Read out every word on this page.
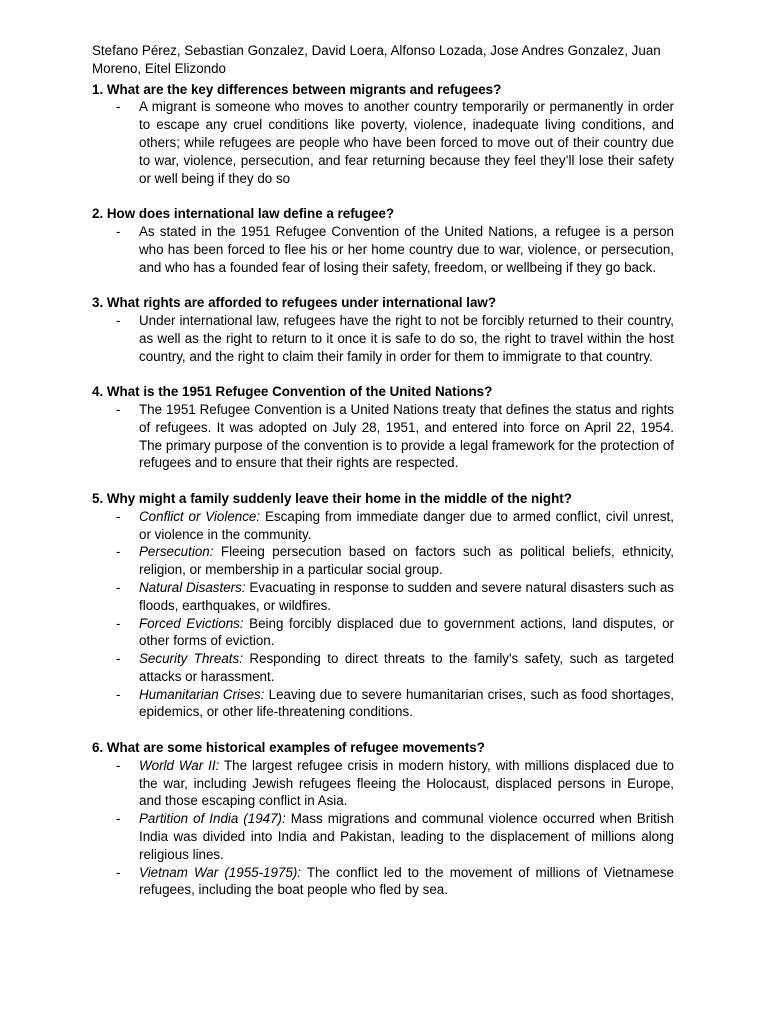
Stefano Pérez, Sebastian Gonzalez, David Loera, Alfonso Lozada, Jose Andres Gonzalez, Juan Moreno, Eitel Elizondo
1. What are the key differences between migrants and refugees?
- A migrant is someone who moves to another country temporarily or permanently in order to escape any cruel conditions like poverty, violence, inadequate living conditions, and others; while refugees are people who have been forced to move out of their country due to war, violence, persecution, and fear returning because they feel they’ll lose their safety or well being if they do so
2. How does international law define a refugee?
- As stated in the 1951 Refugee Convention of the United Nations, a refugee is a person who has been forced to flee his or her home country due to war, violence, or persecution, and who has a founded fear of losing their safety, freedom, or wellbeing if they go back.
3. What rights are afforded to refugees under international law?
- Under international law, refugees have the right to not be forcibly returned to their country, as well as the right to return to it once it is safe to do so, the right to travel within the host country, and the right to claim their family in order for them to immigrate to that country.
4. What is the 1951 Refugee Convention of the United Nations?
- The 1951 Refugee Convention is a United Nations treaty that defines the status and rights of refugees. It was adopted on July 28, 1951, and entered into force on April 22, 1954. The primary purpose of the convention is to provide a legal framework for the protection of refugees and to ensure that their rights are respected.
5. Why might a family suddenly leave their home in the middle of the night?
- Conflict or Violence: Escaping from immediate danger due to armed conflict, civil unrest, or violence in the community.
- Persecution: Fleeing persecution based on factors such as political beliefs, ethnicity, religion, or membership in a particular social group.
- Natural Disasters: Evacuating in response to sudden and severe natural disasters such as floods, earthquakes, or wildfires.
- Forced Evictions: Being forcibly displaced due to government actions, land disputes, or other forms of eviction.
- Security Threats: Responding to direct threats to the family's safety, such as targeted attacks or harassment.
- Humanitarian Crises: Leaving due to severe humanitarian crises, such as food shortages, epidemics, or other life-threatening conditions.
6. What are some historical examples of refugee movements?
- World War II: The largest refugee crisis in modern history, with millions displaced due to the war, including Jewish refugees fleeing the Holocaust, displaced persons in Europe, and those escaping conflict in Asia.
- Partition of India (1947): Mass migrations and communal violence occurred when British India was divided into India and Pakistan, leading to the displacement of millions along religious lines.
- Vietnam War (1955-1975): The conflict led to the movement of millions of Vietnamese refugees, including the boat people who fled by sea.
